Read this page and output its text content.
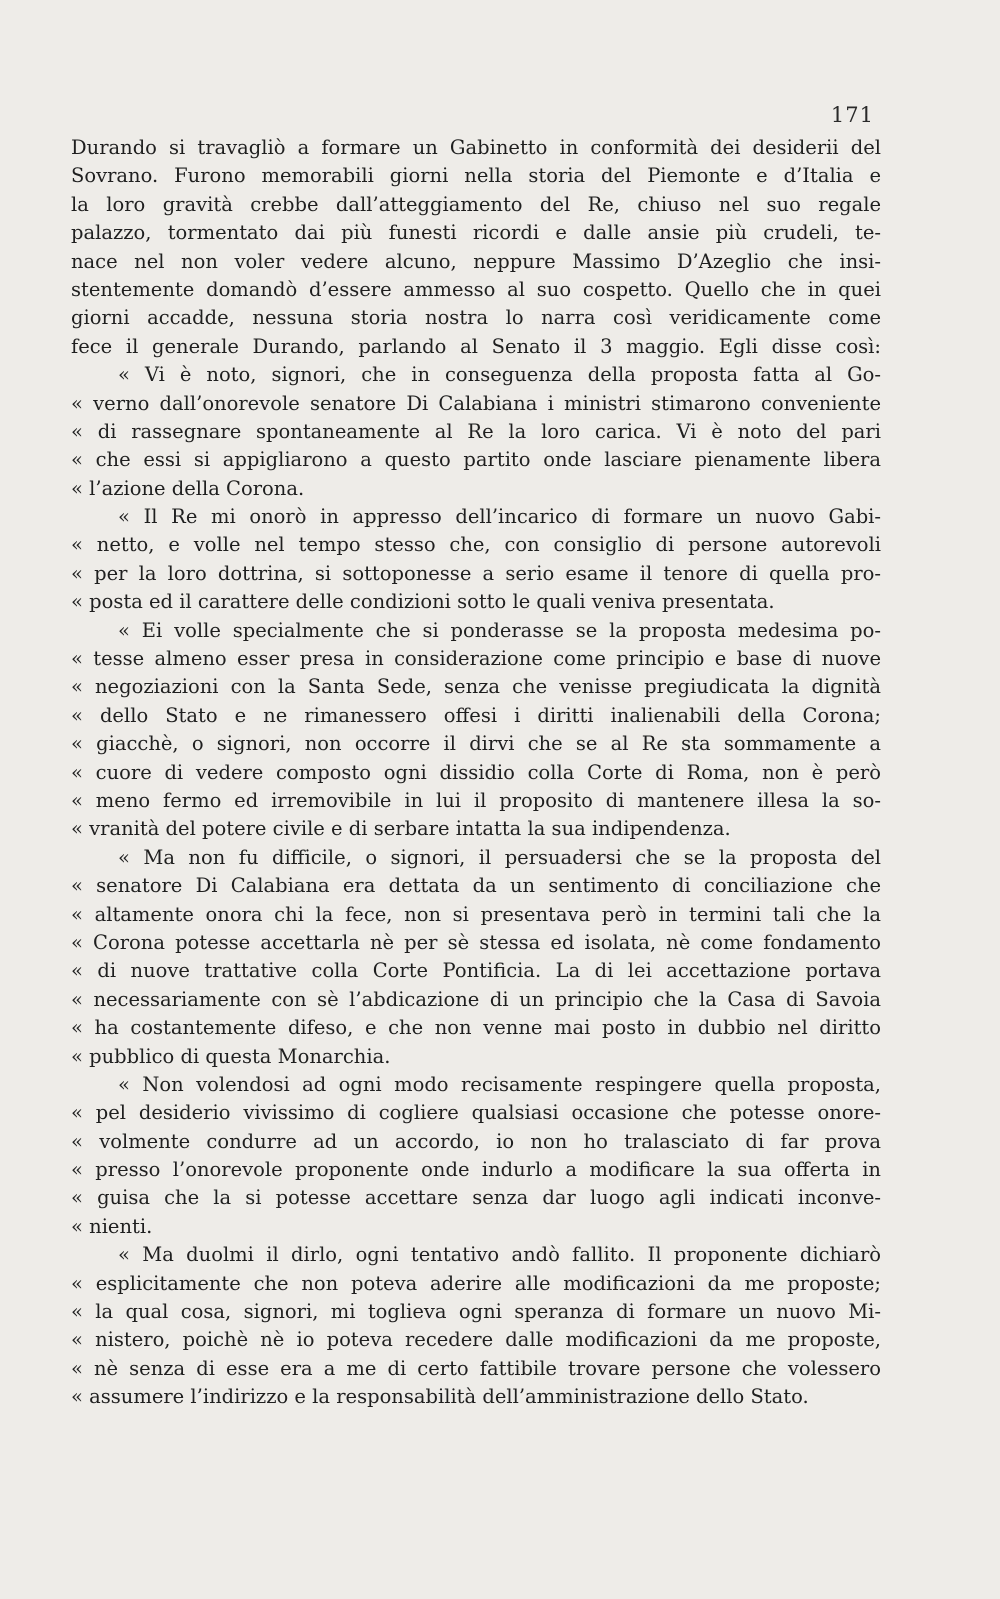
171
Durando si travagliò a formare un Gabinetto in conformità dei desiderii del
Sovrano. Furono memorabili giorni nella storia del Piemonte e d’Italia e
la loro gravità crebbe dall’atteggiamento del Re, chiuso nel suo regale
palazzo, tormentato dai più funesti ricordi e dalle ansie più crudeli, te-
nace nel non voler vedere alcuno, neppure Massimo D’Azeglio che insi-
stentemente domandò d’essere ammesso al suo cospetto. Quello che in quei
giorni accadde, nessuna storia nostra lo narra così veridicamente come
fece il generale Durando, parlando al Senato il 3 maggio. Egli disse così:
« Vi è noto, signori, che in conseguenza della proposta fatta al Go-
« verno dall’onorevole senatore Di Calabiana i ministri stimarono conveniente
« di rassegnare spontaneamente al Re la loro carica. Vi è noto del pari
« che essi si appigliarono a questo partito onde lasciare pienamente libera
« l’azione della Corona.
« Il Re mi onorò in appresso dell’incarico di formare un nuovo Gabi-
« netto, e volle nel tempo stesso che, con consiglio di persone autorevoli
« per la loro dottrina, si sottoponesse a serio esame il tenore di quella pro-
« posta ed il carattere delle condizioni sotto le quali veniva presentata.
« Ei volle specialmente che si ponderasse se la proposta medesima po-
« tesse almeno esser presa in considerazione come principio e base di nuove
« negoziazioni con la Santa Sede, senza che venisse pregiudicata la dignità
« dello Stato e ne rimanessero offesi i diritti inalienabili della Corona;
« giacchè, o signori, non occorre il dirvi che se al Re sta sommamente a
« cuore di vedere composto ogni dissidio colla Corte di Roma, non è però
« meno fermo ed irremovibile in lui il proposito di mantenere illesa la so-
« vranità del potere civile e di serbare intatta la sua indipendenza.
« Ma non fu difficile, o signori, il persuadersi che se la proposta del
« senatore Di Calabiana era dettata da un sentimento di conciliazione che
« altamente onora chi la fece, non si presentava però in termini tali che la
« Corona potesse accettarla nè per sè stessa ed isolata, nè come fondamento
« di nuove trattative colla Corte Pontificia. La di lei accettazione portava
« necessariamente con sè l’abdicazione di un principio che la Casa di Savoia
« ha costantemente difeso, e che non venne mai posto in dubbio nel diritto
« pubblico di questa Monarchia.
« Non volendosi ad ogni modo recisamente respingere quella proposta,
« pel desiderio vivissimo di cogliere qualsiasi occasione che potesse onore-
« volmente condurre ad un accordo, io non ho tralasciato di far prova
« presso l’onorevole proponente onde indurlo a modificare la sua offerta in
« guisa che la si potesse accettare senza dar luogo agli indicati inconve-
« nienti.
« Ma duolmi il dirlo, ogni tentativo andò fallito. Il proponente dichiarò
« esplicitamente che non poteva aderire alle modificazioni da me proposte;
« la qual cosa, signori, mi toglieva ogni speranza di formare un nuovo Mi-
« nistero, poichè nè io poteva recedere dalle modificazioni da me proposte,
« nè senza di esse era a me di certo fattibile trovare persone che volessero
« assumere l’indirizzo e la responsabilità dell’amministrazione dello Stato.
